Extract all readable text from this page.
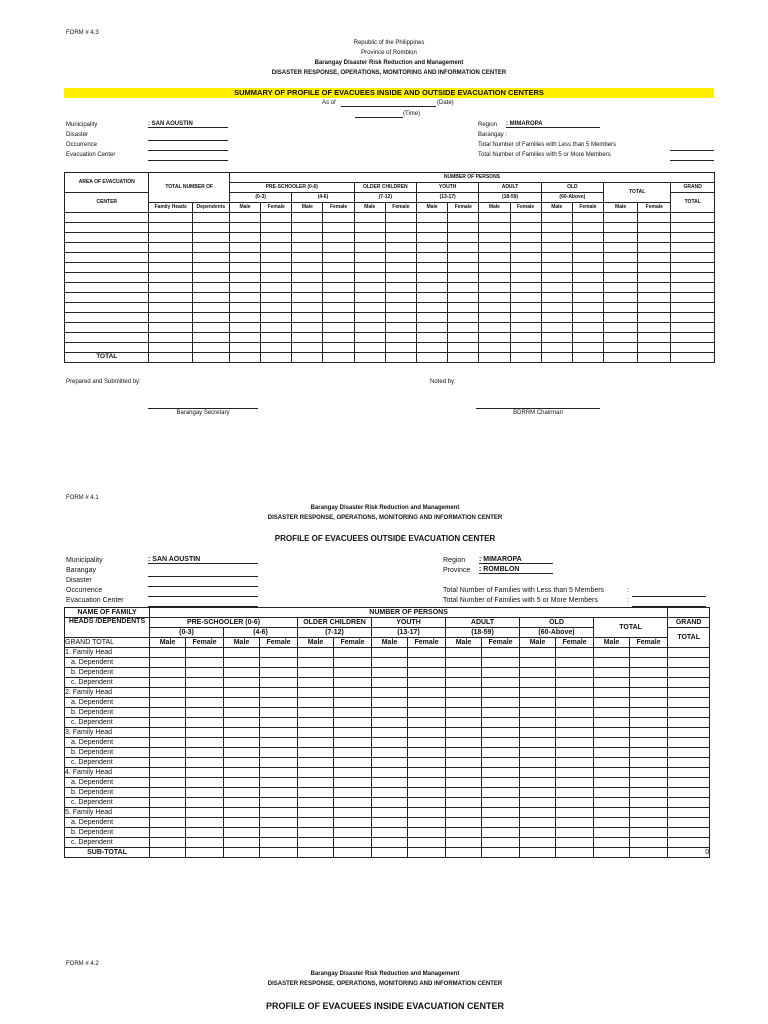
FORM # 4.3
Republic of the Philippines
Province of Romblon
Barangay Disaster Risk Reduction and Management
DISASTER RESPONSE, OPERATIONS, MONITORING AND INFORMATION CENTER
SUMMARY OF PROFILE OF EVACUEES INSIDE AND OUTSIDE EVACUATION CENTERS
As of	(Date)
(Time)
Municipality	: SAN AOUSTIN
Disaster
Occurrence
Evacuation Center
Region : MIMAROPA
Barangay :
Total Number of Families with Less than 5 Members
Total Number of Families with 5 or More Members
AREA OF EVACUATION	TOTAL NUMBER OF		NUMBER OF PERSONS														
			PRE-SCHOOLER (0-6)				OLDER CHILDREN		YOUTH		ADULT		OLD		TOTAL		GRAND
CENTER			(0-3)		(4-6)		(7-12)		(13-17)		(18-59)		(60-Above)				TOTAL
	Family Heads	Dependents	Male	Female	Male	Female	Male	Female	Male	Female	Male	Female	Male	Female	Male	Female	

TOTAL																	
Prepared and Submitted by:	Noted by:
Barangay Secretary	BDRRM Chairman
FORM # 4.1
Barangay Disaster Risk Reduction and Management
DISASTER RESPONSE, OPERATIONS, MONITORING AND INFORMATION CENTER
PROFILE OF EVACUEES OUTSIDE EVACUATION CENTER
Municipality	: SAN AOUSTIN
Barangay
Disaster
Occurrence
Evacuation Center
Region : MIMAROPA
Province : ROMBLON
Total Number of Families with Less than 5 Members	:
Total Number of Families with 5 or More Members	:
NAME OF FAMILY	NUMBER OF PERSONS														
HEADS /DEPENDENTS	PRE-SCHOOLER (0-6)				OLDER CHILDREN		YOUTH		ADULT		OLD		TOTAL		GRAND
	(0-3)		(4-6)		(7-12)		(13-17)		(18-59)		(60-Above)				TOTAL
GRAND TOTAL	Male	Female	Male	Female	Male	Female	Male	Female	Male	Female	Male	Female	Male	Female	
1. Family Head															
a. Dependent															
b. Dependent															
c. Dependent															
2. Family Head															
a. Dependent															
b. Dependent															
c. Dependent															
3. Family Head															
a. Dependent															
b. Dependent															
c. Dependent															
4. Family Head															
a. Dependent															
b. Dependent															
c. Dependent															
5. Family Head															
a. Dependent															
b. Dependent															
c. Dependent															
SUB-TOTAL															0
FORM # 4.2
Barangay Disaster Risk Reduction and Management
DISASTER RESPONSE, OPERATIONS, MONITORING AND INFORMATION CENTER
PROFILE OF EVACUEES INSIDE EVACUATION CENTER
